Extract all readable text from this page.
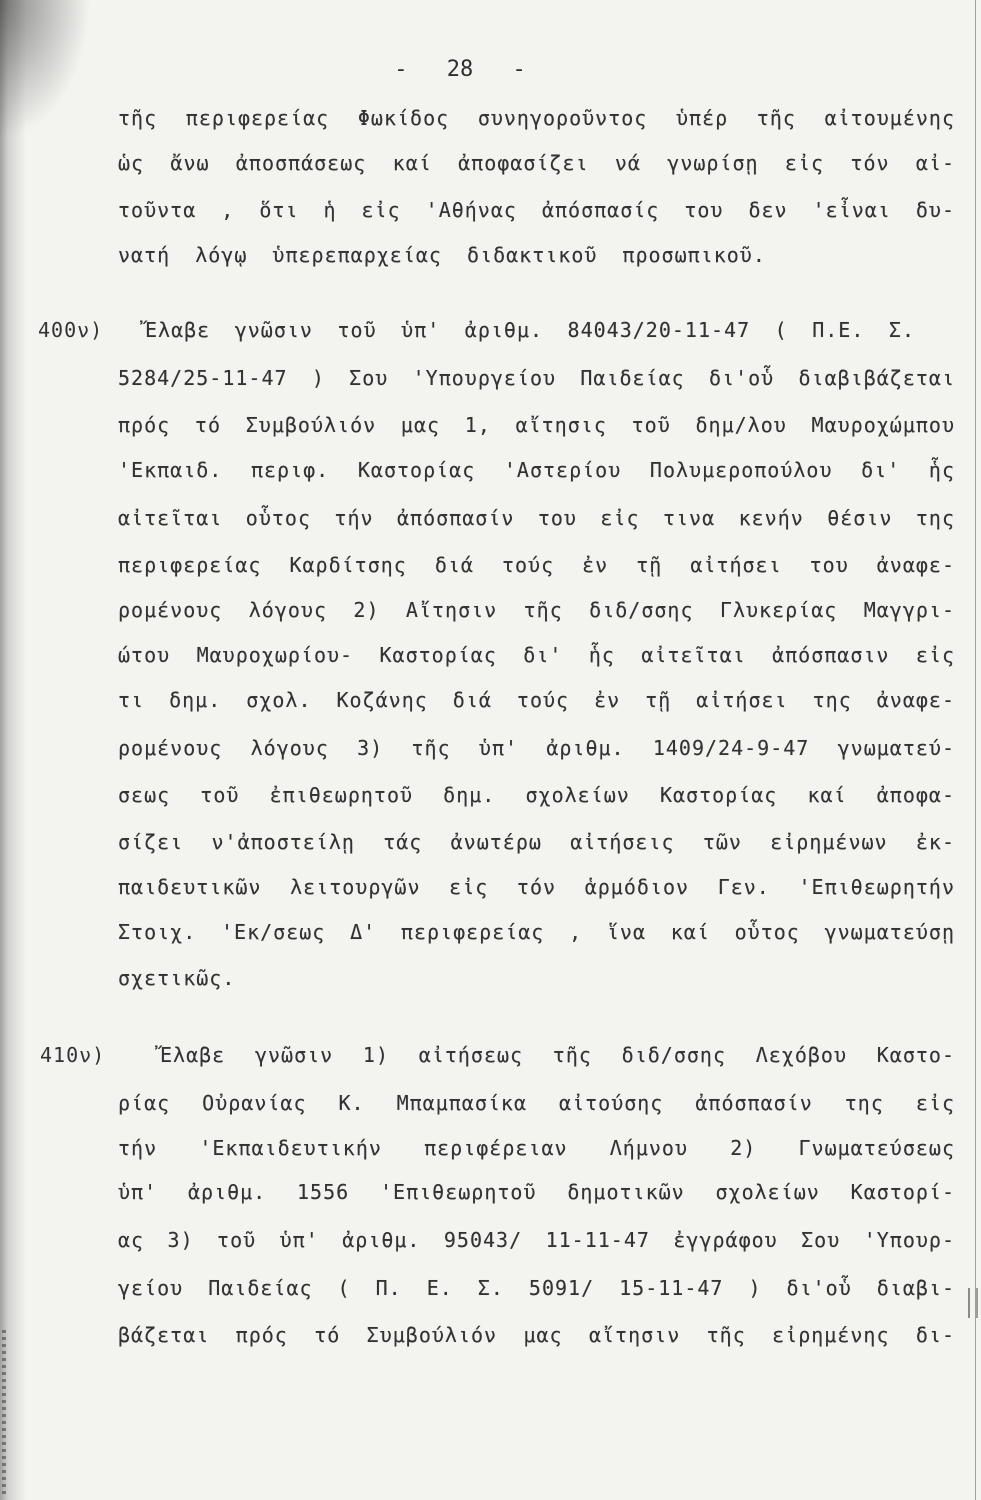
- 28 -
τῆς περιφερείας Φωκίδος συνηγοροῦντος ὑπέρ τῆς αἰτουμένης
ὡς ἄνω ἀποσπάσεως καί ἀποφασίζει νά γνωρίσῃ εἰς τόν αἰ-
τοῦντα , ὅτι ἡ εἰς 'Αθήνας ἀπόσπασίς του δεν 'εἶναι δυ-
νατή λόγῳ ὑπερεπαρχείας διδακτικοῦ προσωπικοῦ.
400ν) Ἔλαβε γνῶσιν τοῦ ὑπ' ἀριθμ. 84043/20-11-47 ( Π.Ε. Σ.
5284/25-11-47 ) Σου 'Υπουργείου Παιδείας δι'οὗ διαβιβάζεται
πρός τό Συμβούλιόν μας 1, αἴτησις τοῦ δημ/λου Μαυροχώμπου
'Εκπαιδ. περιφ. Καστορίας 'Αστερίου Πολυμεροπούλου δι' ἧς
αἰτεῖται οὗτος τήν ἀπόσπασίν του εἰς τινα κενήν θέσιν της
περιφερείας Καρδίτσης διά τούς ἐν τῇ αἰτήσει του ἀναφε-
ρομένους λόγους 2) Αἴτησιν τῆς διδ/σσης Γλυκερίας Μαγγρι-
ώτου Μαυροχωρίου- Καστορίας δι' ἧς αἰτεῖται ἀπόσπασιν εἰς
τι δημ. σχολ. Κοζάνης διά τούς ἐν τῇ αἰτήσει της ἀναφε-
ρομένους λόγους 3) τῆς ὑπ' ἀριθμ. 1409/24-9-47 γνωματεύ-
σεως τοῦ ἐπιθεωρητοῦ δημ. σχολείων Καστορίας καί ἀποφα-
σίζει ν'ἀποστείλῃ τάς ἀνωτέρω αἰτήσεις τῶν εἰρημένων ἐκ-
παιδευτικῶν λειτουργῶν εἰς τόν ἁρμόδιον Γεν. 'Επιθεωρητήν
Στοιχ. 'Εκ/σεως Δ' περιφερείας , ἵνα καί οὗτος γνωματεύσῃ
σχετικῶς.
410ν)	Ἔλαβε γνῶσιν 1) αἰτήσεως τῆς διδ/σσης Λεχόβου Καστο-
ρίας Οὐρανίας Κ. Μπαμπασίκα αἰτούσης ἀπόσπασίν της εἰς
τήν 'Εκπαιδευτικήν περιφέρειαν Λήμνου 2) Γνωματεύσεως
ὑπ' ἀριθμ. 1556 'Επιθεωρητοῦ δημοτικῶν σχολείων Καστορί-
ας 3) τοῦ ὑπ' ἀριθμ. 95043/ 11-11-47 ἐγγράφου Σου 'Υπουρ-
γείου Παιδείας ( Π. Ε. Σ. 5091/ 15-11-47 ) δι'οὗ διαβι-
βάζεται πρός τό Συμβούλιόν μας αἴτησιν τῆς εἰρημένης δι-
